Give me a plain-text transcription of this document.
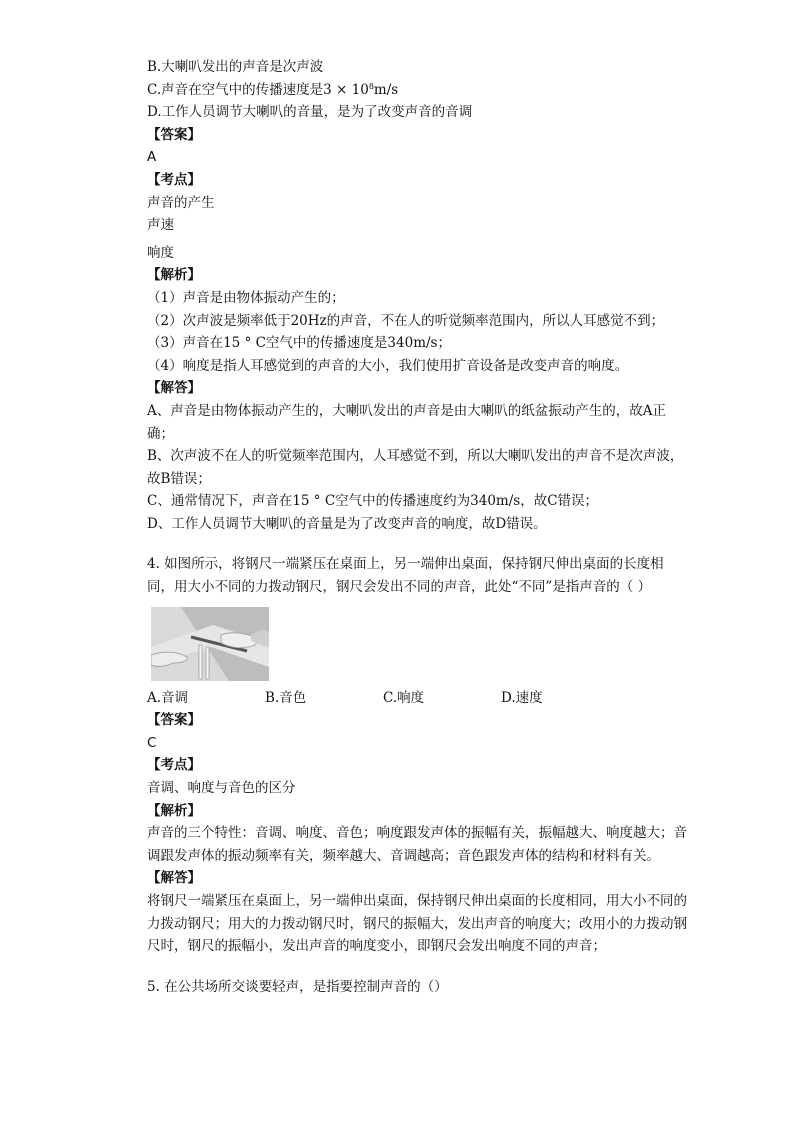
B.大喇叭发出的声音是次声波
C.声音在空气中的传播速度是$3 \times 10^8m/s$
D.工作人员调节大喇叭的音量，是为了改变声音的音调
【答案】
A
【考点】
声音的产生
声速
响度
【解析】
（1）声音是由物体振动产生的；
（2）次声波是频率低于20Hz的声音，不在人的听觉频率范围内，所以人耳感觉不到；
（3）声音在15 ° C空气中的传播速度是340m/s；
（4）响度是指人耳感觉到的声音的大小，我们使用扩音设备是改变声音的响度。
【解答】
A、声音是由物体振动产生的，大喇叭发出的声音是由大喇叭的纸盆振动产生的，故A正确；
B、次声波不在人的听觉频率范围内，人耳感觉不到，所以大喇叭发出的声音不是次声波，故B错误；
C、通常情况下，声音在15 ° C空气中的传播速度约为340m/s，故C错误；
D、工作人员调节大喇叭的音量是为了改变声音的响度，故D错误。
4. 如图所示，将钢尺一端紧压在桌面上，另一端伸出桌面，保持钢尺伸出桌面的长度相同，用大小不同的力拨动钢尺，钢尺会发出不同的声音，此处“不同”是指声音的（ ）
A.音调	B.音色	C.响度	D.速度
【答案】
C
【考点】
音调、响度与音色的区分
【解析】
声音的三个特性：音调、响度、音色；响度跟发声体的振幅有关，振幅越大、响度越大；音调跟发声体的振动频率有关，频率越大、音调越高；音色跟发声体的结构和材料有关。
【解答】
将钢尺一端紧压在桌面上，另一端伸出桌面，保持钢尺伸出桌面的长度相同，用大小不同的力拨动钢尺；用大的力拨动钢尺时，钢尺的振幅大，发出声音的响度大；改用小的力拨动钢尺时，钢尺的振幅小，发出声音的响度变小，即钢尺会发出响度不同的声音；
5. 在公共场所交谈要轻声，是指要控制声音的（）
